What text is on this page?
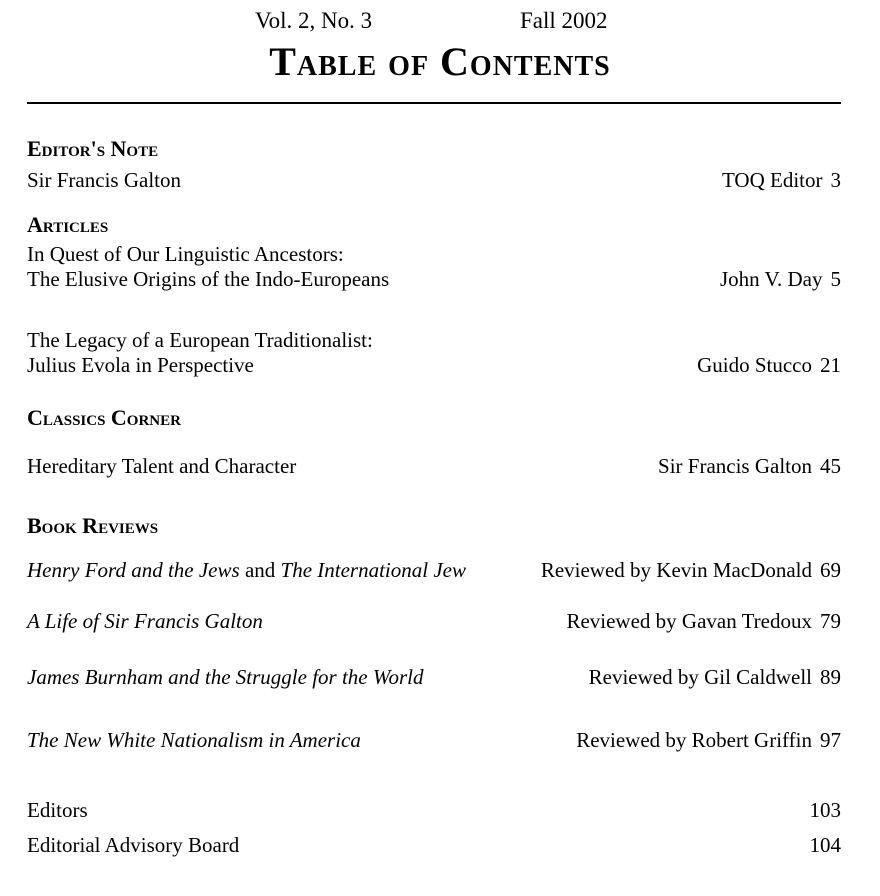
Vol. 2, No. 3	Fall 2002
Table of Contents
Editor's Note
Sir Francis Galton	TOQ Editor 3
Articles
In Quest of Our Linguistic Ancestors:
The Elusive Origins of the Indo-Europeans	John V. Day 5
The Legacy of a European Traditionalist:
Julius Evola in Perspective	Guido Stucco 21
Classics Corner
Hereditary Talent and Character	Sir Francis Galton 45
Book Reviews
Henry Ford and the Jews and The International Jew	Reviewed by Kevin MacDonald 69
A Life of Sir Francis Galton	Reviewed by Gavan Tredoux 79
James Burnham and the Struggle for the World	Reviewed by Gil Caldwell 89
The New White Nationalism in America	Reviewed by Robert Griffin 97
Editors	103
Editorial Advisory Board	104
